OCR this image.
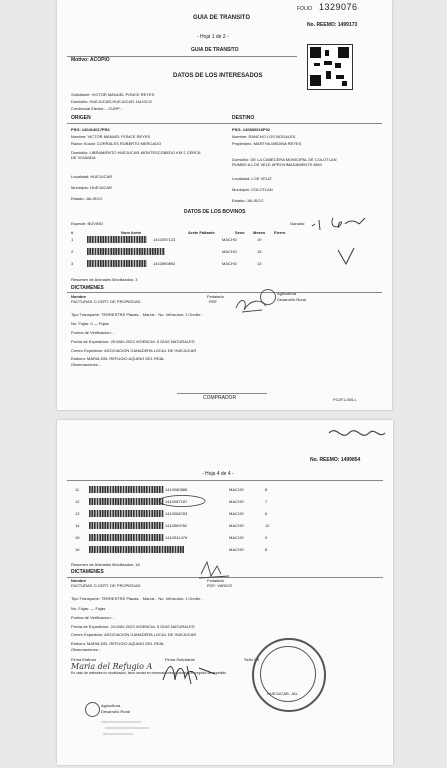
FOLIO 1329076
GUIA DE TRANSITO
No. REEMO: 1499173
- Hoja 1 de 2 -
GUIA DE TRANSITO
Motivo: ACOPIO
DATOS DE LOS INTERESADOS
Solicitante: VICTOR MANUEL PONCE REYES
Domicilio: HUEJUCAR,HUEJUCAR JALISCO
Credencial Elector: - CURP: -
ORIGEN	DESTINO
PSG: 140414017PR2
Nombre: VICTOR MANUEL PONCE REYES
Razon Social: CORRALES ROBERTO MERCADO
Domicilio: LIBRAMIENTO HUEJUCAR-MONTESCOBEDO KM 2 CERCA
DE VIGANDA
Localidad: HUEJUCAR
Municipio: HUEJUCAR
Estado: JALISCO
PSG: 140830016P02
Nombre: RANCHO LOS NOGALES
Propietario: MARTHA MEDINA REYES
Domicilio: DE LA CABECERA MUNICIPAL DE COLOTLAN
RUMBO A LOS VELE APROXIMADAMENTE 8KM
Localidad: LOS VELIZ
Municipio: COLOTLAN
Estado: JALISCO
DATOS DE LOS BOVINOS
Especie: BOVINO	Ganado:
#	Num Arete	Arete Faltante	Sexo Meses Fierro
1	1410057123	MACHO	19
2	MACHO	15
3	1410890892	MACHO	13
Resumen de Animales Movilizados: 3
DICTAMENES
Nombre
FACTURAS O CERT. DE PROPIEDAD
Fedatario
RSF
Agricultura
Desarrollo Rural
Tipo Transporte: TERRESTRE Placas: . Marca: . No. Vehiculos: 1 Chofer: .
No. Fojas: 0 — Fojas
Puntos de Verificacion: -
Fecha de Expedicion: 29-MAY-2023 VIGENCIA: 5 DIAS NATURALES
Centro Expedidor: ASOCIACION GANADERA LOCAL DE HUEJUCAR
Elaboro: MARIA DEL REFUGIO AQUINO DEL REAL
Observaciones: -
COMPRADOR	FGJF1-005-L
- Hoja 4 de 4 -
No. REEMO: 1499854
11	1410080888	MACHO	8
12	1410087187	MACHO	7
13	1410068783	MACHO	6
14	1410569782	MACHO	12
15	1410541476	MACHO	9
16	MACHO	8
Resumen de Animales Movilizados: 16
DICTAMENES
Nombre
FACTURAS O CERT. DE PROPIEDAD
Fedatario
RSF: VARIOS
Tipo Transporte: TERRESTRE Placas: . Marca: . No. Vehiculos: 1 Chofer: .
No. Fojas: — Fojas
Puntos de Verificacion: -
Fecha de Expedicion: 24-MAY-2023 VIGENCIA: 5 DIAS NATURALES
Centro Expedidor: ASOCIACION GANADERA LOCAL DE HUEJUCAR
Elaboro: MARIA DEL REFUGIO AQUINO DEL REAL
Observaciones: -
Firma Elaboro	Firma Solicitante	Sello Ofi
Maria del Refugio A
En caso de animales no movilizados, favor anotar en observaciones y cancelar en registro de expedido
HUEJUCAR, JAL.
Agricultura
Desarrollo Rural
